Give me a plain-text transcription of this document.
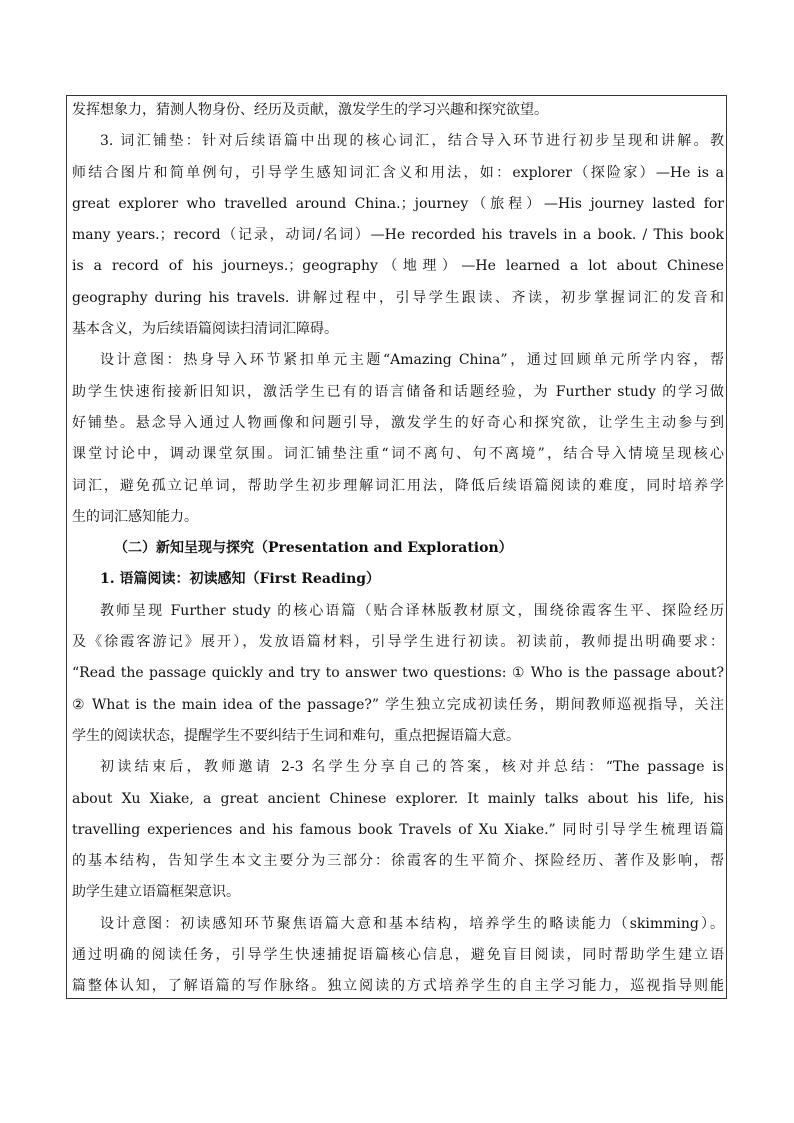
发挥想象力，猜测人物身份、经历及贡献，激发学生的学习兴趣和探究欲望。
3. 词汇铺垫：针对后续语篇中出现的核心词汇，结合导入环节进行初步呈现和讲解。教
师结合图片和简单例句，引导学生感知词汇含义和用法，如：explorer（探险家）—He is a
great explorer who travelled around China.；journey（旅程）—His journey lasted for
many years.；record（记录，动词/名词）—He recorded his travels in a book. / This book
is a record of his journeys.；geography（地理）—He learned a lot about Chinese
geography during his travels. 讲解过程中，引导学生跟读、齐读，初步掌握词汇的发音和
基本含义，为后续语篇阅读扫清词汇障碍。
设计意图：热身导入环节紧扣单元主题“Amazing China”，通过回顾单元所学内容，帮
助学生快速衔接新旧知识，激活学生已有的语言储备和话题经验，为 Further study 的学习做
好铺垫。悬念导入通过人物画像和问题引导，激发学生的好奇心和探究欲，让学生主动参与到
课堂讨论中，调动课堂氛围。词汇铺垫注重“词不离句、句不离境”，结合导入情境呈现核心
词汇，避免孤立记单词，帮助学生初步理解词汇用法，降低后续语篇阅读的难度，同时培养学
生的词汇感知能力。
（二）新知呈现与探究（Presentation and Exploration）
1. 语篇阅读：初读感知（First Reading）
教师呈现 Further study 的核心语篇（贴合译林版教材原文，围绕徐霞客生平、探险经历
及《徐霞客游记》展开），发放语篇材料，引导学生进行初读。初读前，教师提出明确要求：
“Read the passage quickly and try to answer two questions: ① Who is the passage about?
② What is the main idea of the passage?” 学生独立完成初读任务，期间教师巡视指导，关注
学生的阅读状态，提醒学生不要纠结于生词和难句，重点把握语篇大意。
初读结束后，教师邀请 2-3 名学生分享自己的答案，核对并总结：“The passage is
about Xu Xiake, a great ancient Chinese explorer. It mainly talks about his life, his
travelling experiences and his famous book Travels of Xu Xiake.” 同时引导学生梳理语篇
的基本结构，告知学生本文主要分为三部分：徐霞客的生平简介、探险经历、著作及影响，帮
助学生建立语篇框架意识。
设计意图：初读感知环节聚焦语篇大意和基本结构，培养学生的略读能力（skimming）。
通过明确的阅读任务，引导学生快速捕捉语篇核心信息，避免盲目阅读，同时帮助学生建立语
篇整体认知，了解语篇的写作脉络。独立阅读的方式培养学生的自主学习能力，巡视指导则能
